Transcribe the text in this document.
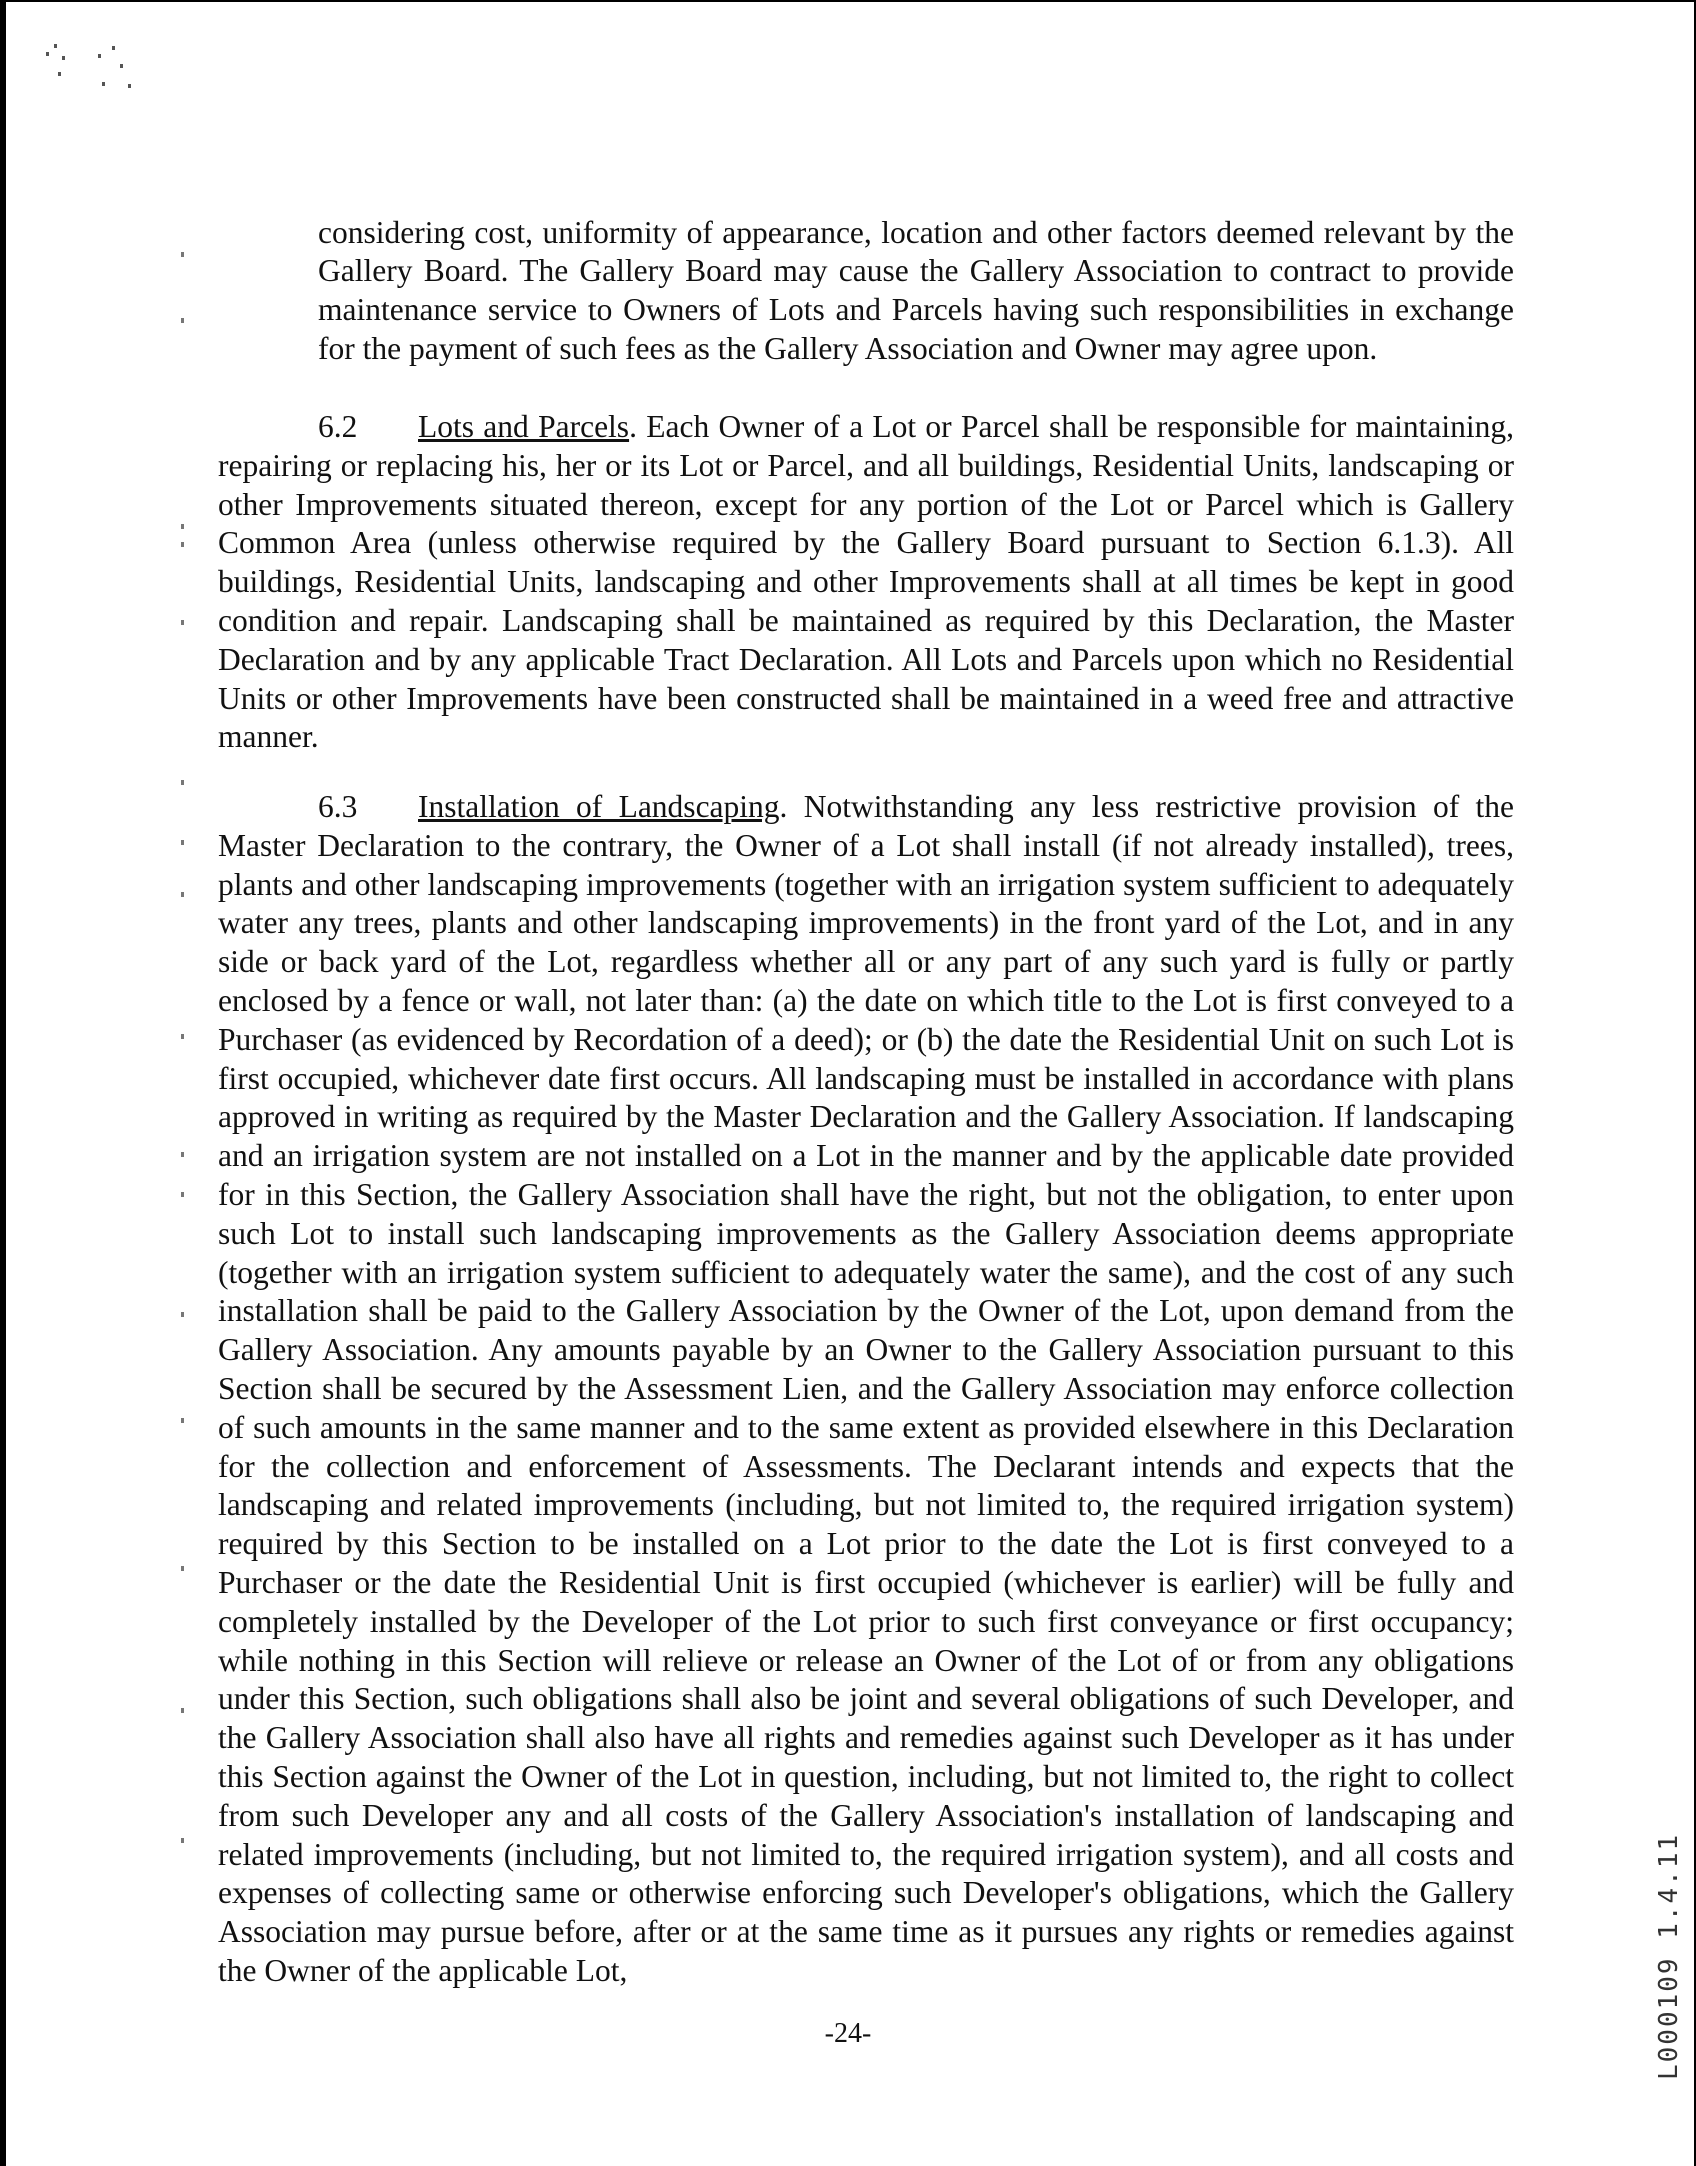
considering cost, uniformity of appearance, location and other factors deemed relevant by the Gallery Board. The Gallery Board may cause the Gallery Association to contract to provide maintenance service to Owners of Lots and Parcels having such responsibilities in exchange for the payment of such fees as the Gallery Association and Owner may agree upon.

6.2 Lots and Parcels. Each Owner of a Lot or Parcel shall be responsible for maintaining, repairing or replacing his, her or its Lot or Parcel, and all buildings, Residential Units, landscaping or other Improvements situated thereon, except for any portion of the Lot or Parcel which is Gallery Common Area (unless otherwise required by the Gallery Board pursuant to Section 6.1.3). All buildings, Residential Units, landscaping and other Improvements shall at all times be kept in good condition and repair. Landscaping shall be maintained as required by this Declaration, the Master Declaration and by any applicable Tract Declaration. All Lots and Parcels upon which no Residential Units or other Improvements have been constructed shall be maintained in a weed free and attractive manner.

6.3 Installation of Landscaping. Notwithstanding any less restrictive provision of the Master Declaration to the contrary, the Owner of a Lot shall install (if not already installed), trees, plants and other landscaping improvements (together with an irrigation system sufficient to adequately water any trees, plants and other landscaping improvements) in the front yard of the Lot, and in any side or back yard of the Lot, regardless whether all or any part of any such yard is fully or partly enclosed by a fence or wall, not later than: (a) the date on which title to the Lot is first conveyed to a Purchaser (as evidenced by Recordation of a deed); or (b) the date the Residential Unit on such Lot is first occupied, whichever date first occurs. All landscaping must be installed in accordance with plans approved in writing as required by the Master Declaration and the Gallery Association. If landscaping and an irrigation system are not installed on a Lot in the manner and by the applicable date provided for in this Section, the Gallery Association shall have the right, but not the obligation, to enter upon such Lot to install such landscaping improvements as the Gallery Association deems appropriate (together with an irrigation system sufficient to adequately water the same), and the cost of any such installation shall be paid to the Gallery Association by the Owner of the Lot, upon demand from the Gallery Association. Any amounts payable by an Owner to the Gallery Association pursuant to this Section shall be secured by the Assessment Lien, and the Gallery Association may enforce collection of such amounts in the same manner and to the same extent as provided elsewhere in this Declaration for the collection and enforcement of Assessments. The Declarant intends and expects that the landscaping and related improvements (including, but not limited to, the required irrigation system) required by this Section to be installed on a Lot prior to the date the Lot is first conveyed to a Purchaser or the date the Residential Unit is first occupied (whichever is earlier) will be fully and completely installed by the Developer of the Lot prior to such first conveyance or first occupancy; while nothing in this Section will relieve or release an Owner of the Lot of or from any obligations under this Section, such obligations shall also be joint and several obligations of such Developer, and the Gallery Association shall also have all rights and remedies against such Developer as it has under this Section against the Owner of the Lot in question, including, but not limited to, the right to collect from such Developer any and all costs of the Gallery Association's installation of landscaping and related improvements (including, but not limited to, the required irrigation system), and all costs and expenses of collecting same or otherwise enforcing such Developer's obligations, which the Gallery Association may pursue before, after or at the same time as it pursues any rights or remedies against the Owner of the applicable Lot,

-24-	L000109 1.4.11
